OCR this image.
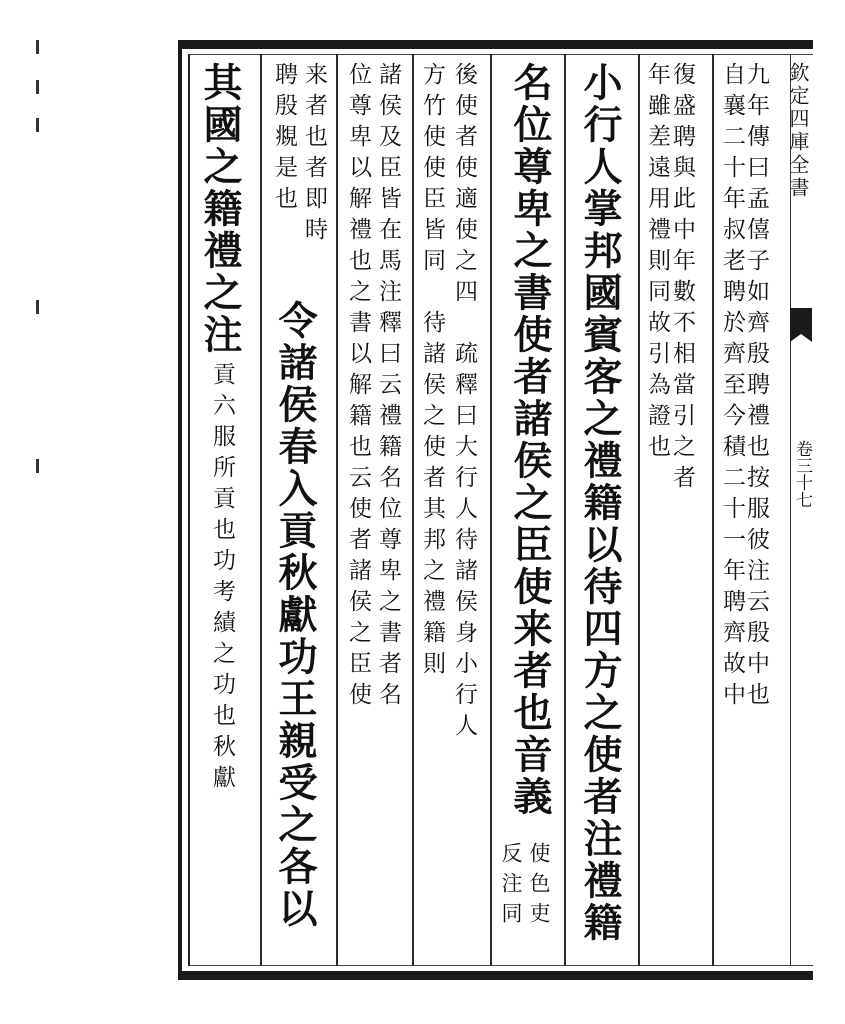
欽定四庫全書
卷三十七
九年傳曰孟僖子如齊殷聘禮也按服彼注云殷中也
自襄二十年叔老聘於齊至今積二十一年聘齊故中
復盛聘與此中年數不相當引之者
年雖差遠用禮則同故引為證也
小行人掌邦國賓客之禮籍以待四方之使者注禮籍
名位尊卑之書使者諸侯之臣使来者也音義
使色吏
反注同
後使者使適使之四　疏釋曰大行人待諸侯身小行人
方竹使使臣皆同　待諸侯之使者其邦之禮籍則
諸侯及臣皆在馬注釋曰云禮籍名位尊卑之書者名
位尊卑以解禮也之書以解籍也云使者諸侯之臣使
来者也者即時
聘殷覜是也
令諸侯春入貢秋獻功王親受之各以
其國之籍禮之注
貢六服所貢也功考績之功也秋獻
